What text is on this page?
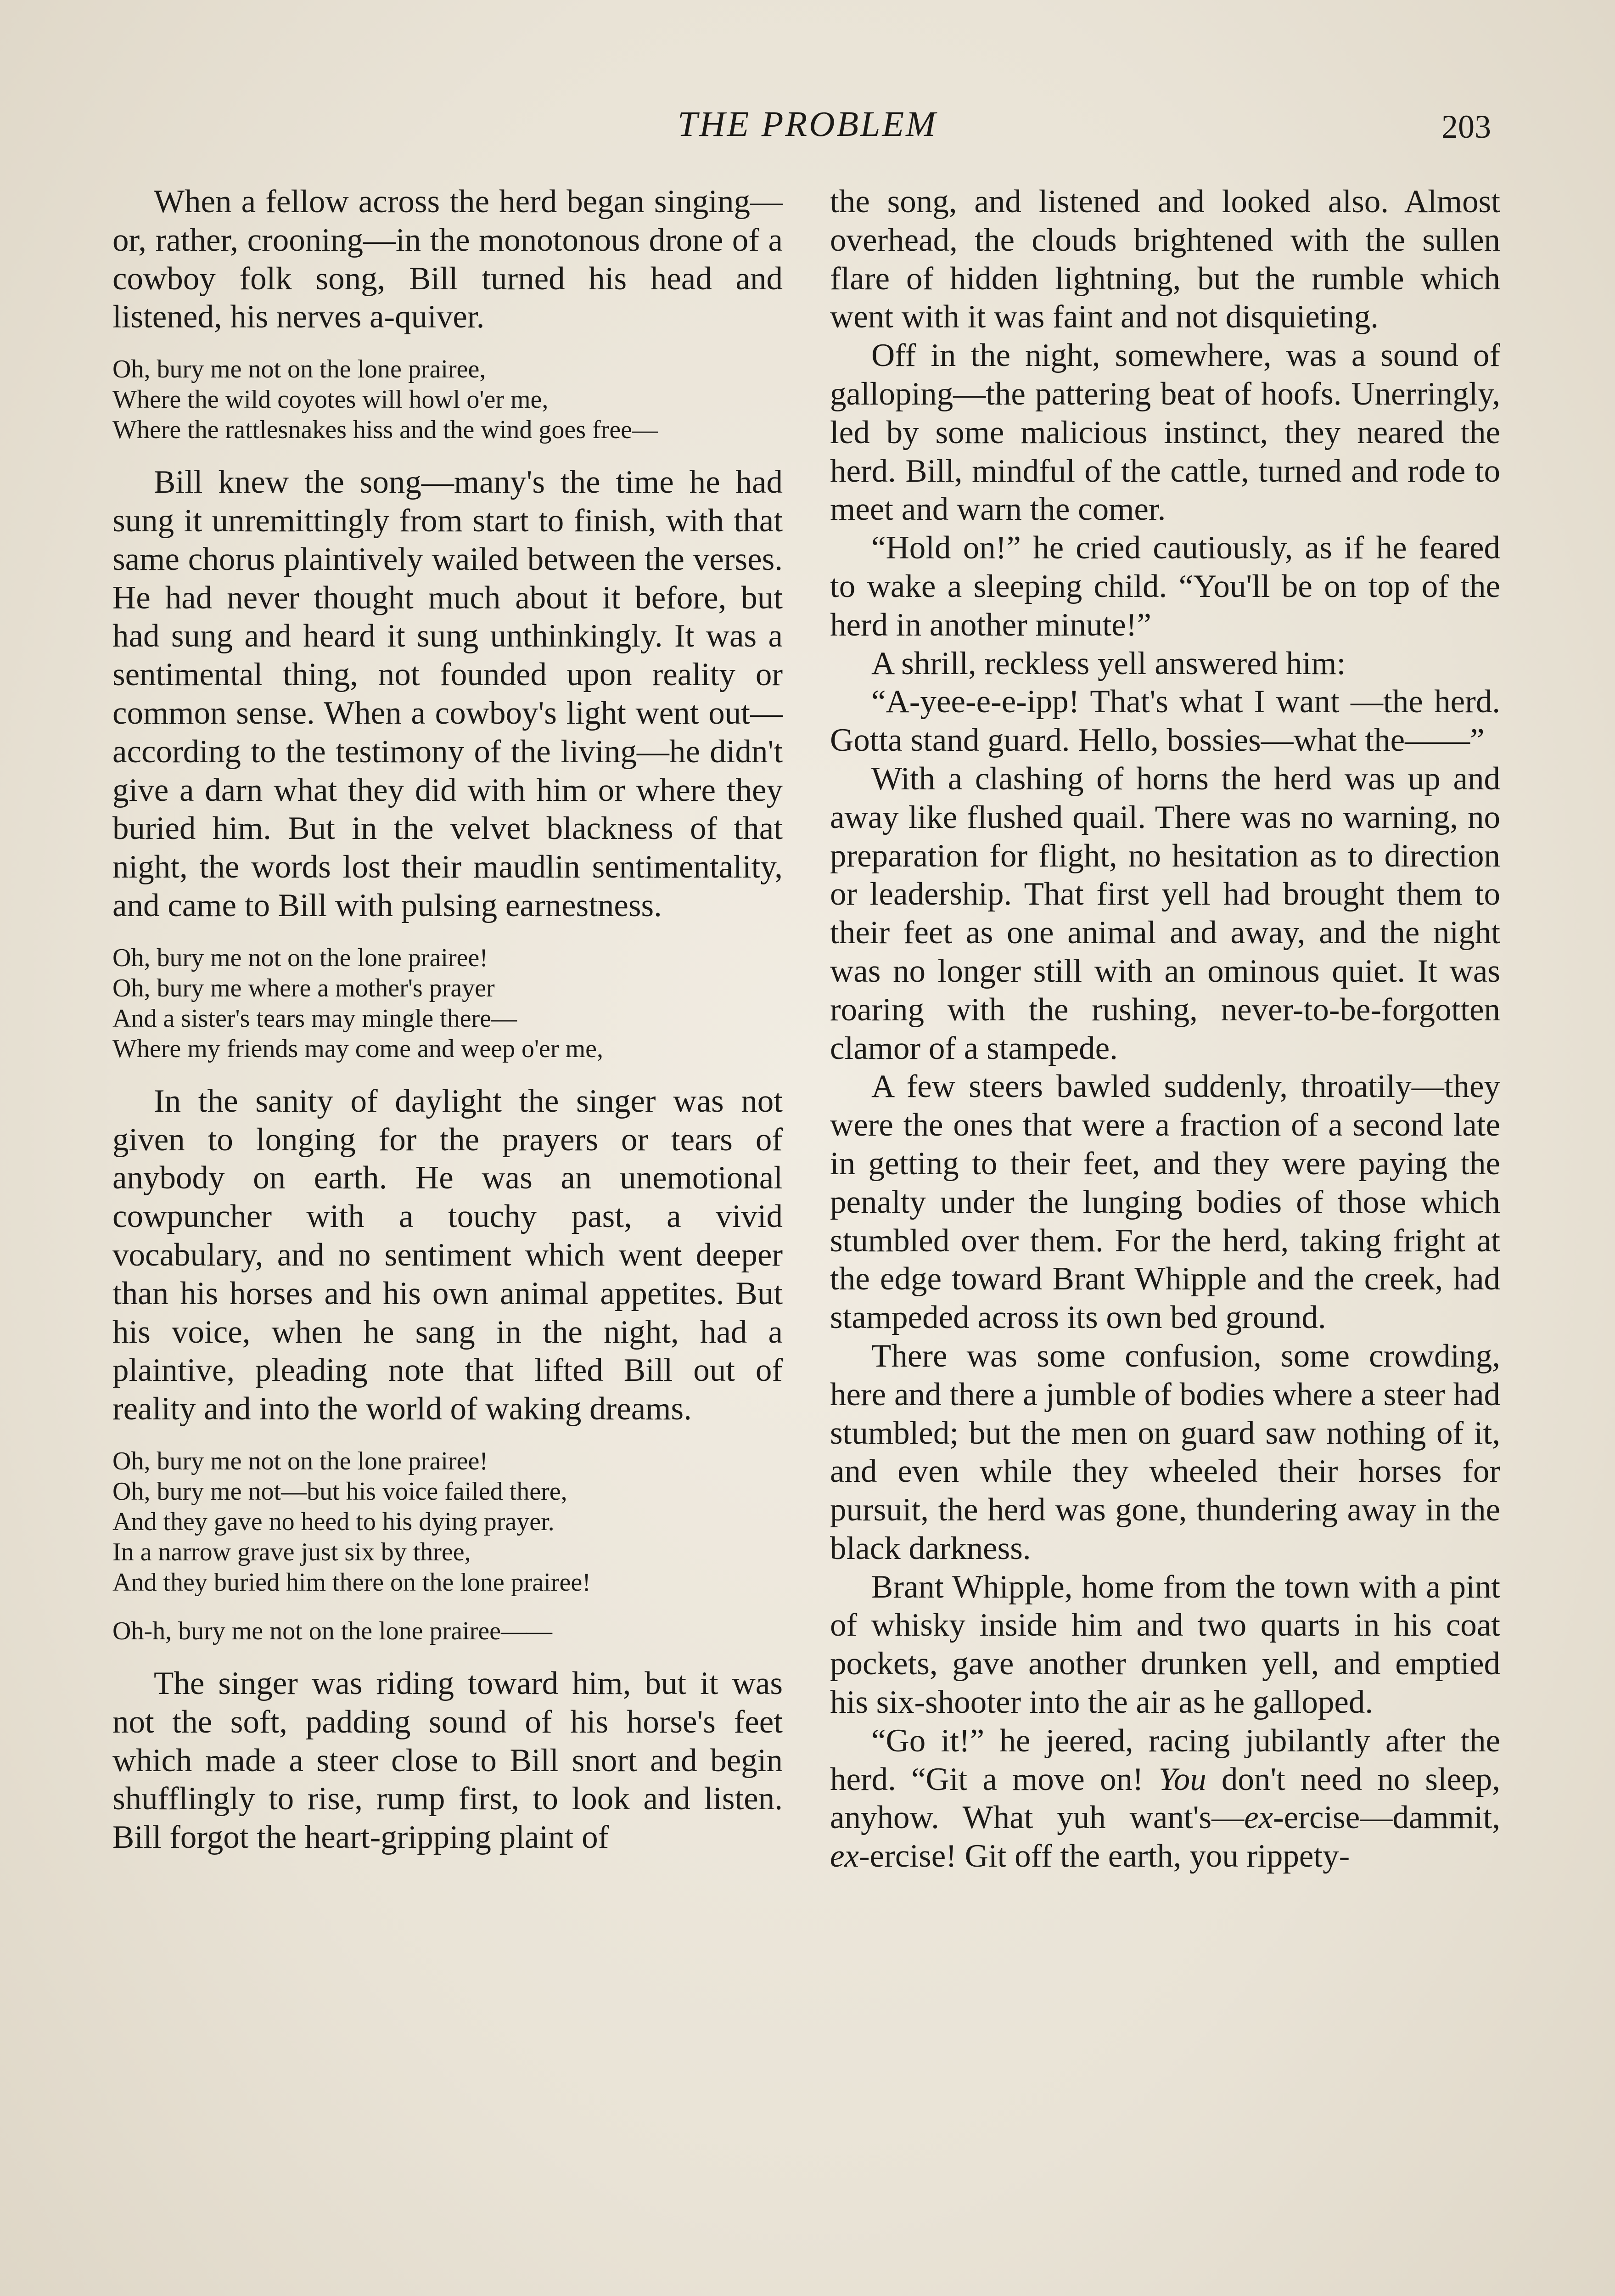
THE PROBLEM	203

When a fellow across the herd began singing—or, rather, crooning—in the monotonous drone of a cowboy folk song, Bill turned his head and listened, his nerves a-quiver.

Oh, bury me not on the lone prairee,
Where the wild coyotes will howl o'er me,
Where the rattlesnakes hiss and the wind goes free—

Bill knew the song—many's the time he had sung it unremittingly from start to finish, with that same chorus plaintively wailed between the verses. He had never thought much about it before, but had sung and heard it sung unthinkingly. It was a sentimental thing, not founded upon reality or common sense. When a cowboy's light went out—according to the testimony of the living—he didn't give a darn what they did with him or where they buried him. But in the velvet blackness of that night, the words lost their maudlin sentimentality, and came to Bill with pulsing earnestness.

Oh, bury me not on the lone prairee!
Oh, bury me where a mother's prayer
And a sister's tears may mingle there—
Where my friends may come and weep o'er me,

In the sanity of daylight the singer was not given to longing for the prayers or tears of anybody on earth. He was an unemotional cowpuncher with a touchy past, a vivid vocabulary, and no sentiment which went deeper than his horses and his own animal appetites. But his voice, when he sang in the night, had a plaintive, pleading note that lifted Bill out of reality and into the world of waking dreams.

Oh, bury me not on the lone prairee!
Oh, bury me not—but his voice failed there,
And they gave no heed to his dying prayer.
In a narrow grave just six by three,
And they buried him there on the lone prairee!
Oh-h, bury me not on the lone prairee——

The singer was riding toward him, but it was not the soft, padding sound of his horse's feet which made a steer close to Bill snort and begin shufflingly to rise, rump first, to look and listen. Bill forgot the heart-gripping plaint of

the song, and listened and looked also. Almost overhead, the clouds brightened with the sullen flare of hidden lightning, but the rumble which went with it was faint and not disquieting.

Off in the night, somewhere, was a sound of galloping—the pattering beat of hoofs. Unerringly, led by some malicious instinct, they neared the herd. Bill, mindful of the cattle, turned and rode to meet and warn the comer.

“Hold on!” he cried cautiously, as if he feared to wake a sleeping child. “You'll be on top of the herd in another minute!”

A shrill, reckless yell answered him:

“A-yee-e-e-ipp! That's what I want —the herd. Gotta stand guard. Hello, bossies—what the——”

With a clashing of horns the herd was up and away like flushed quail. There was no warning, no preparation for flight, no hesitation as to direction or leadership. That first yell had brought them to their feet as one animal and away, and the night was no longer still with an ominous quiet. It was roaring with the rushing, never-to-be-forgotten clamor of a stampede.

A few steers bawled suddenly, throatily—they were the ones that were a fraction of a second late in getting to their feet, and they were paying the penalty under the lunging bodies of those which stumbled over them. For the herd, taking fright at the edge toward Brant Whipple and the creek, had stampeded across its own bed ground.

There was some confusion, some crowding, here and there a jumble of bodies where a steer had stumbled; but the men on guard saw nothing of it, and even while they wheeled their horses for pursuit, the herd was gone, thundering away in the black darkness.

Brant Whipple, home from the town with a pint of whisky inside him and two quarts in his coat pockets, gave another drunken yell, and emptied his six-shooter into the air as he galloped.

“Go it!” he jeered, racing jubilantly after the herd. “Git a move on! You don't need no sleep, anyhow. What yuh want's—ex-ercise—dammit, ex-ercise! Git off the earth, you rippety-
